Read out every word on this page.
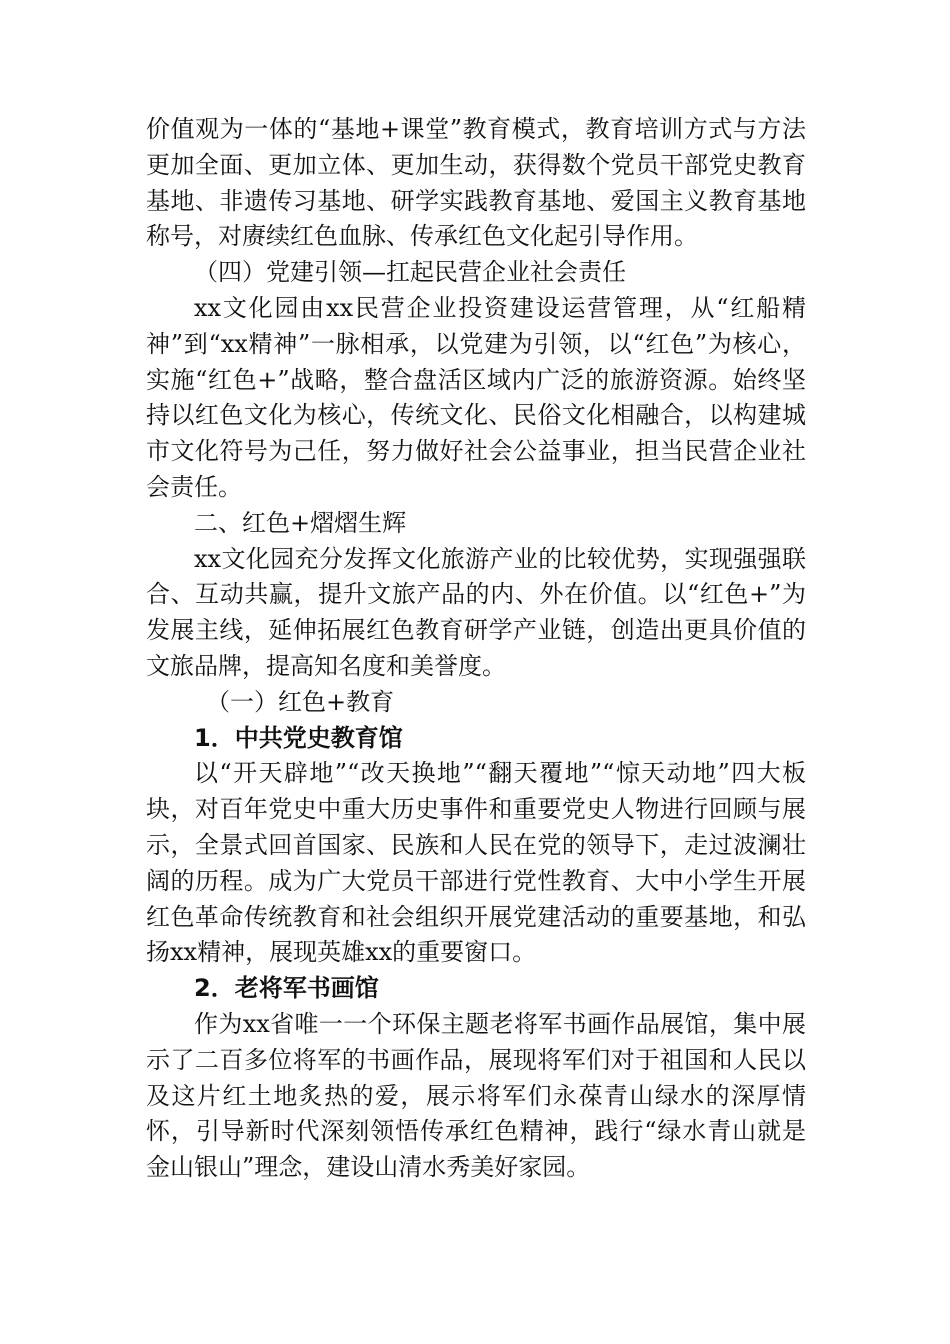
价值观为一体的“基地+课堂”教育模式，教育培训方式与方法更加全面、更加立体、更加生动，获得数个党员干部党史教育基地、非遗传习基地、研学实践教育基地、爱国主义教育基地称号，对赓续红色血脉、传承红色文化起引导作用。

（四）党建引领—扛起民营企业社会责任

xx文化园由xx民营企业投资建设运营管理，从“红船精神”到“xx精神”一脉相承，以党建为引领，以“红色”为核心，实施“红色+”战略，整合盘活区域内广泛的旅游资源。始终坚持以红色文化为核心，传统文化、民俗文化相融合，以构建城市文化符号为己任，努力做好社会公益事业，担当民营企业社会责任。

二、红色+熠熠生辉

xx文化园充分发挥文化旅游产业的比较优势，实现强强联合、互动共赢，提升文旅产品的内、外在价值。以“红色+”为发展主线，延伸拓展红色教育研学产业链，创造出更具价值的文旅品牌，提高知名度和美誉度。

（一）红色+教育

1．中共党史教育馆

以“开天辟地”“改天换地”“翻天覆地”“惊天动地”四大板块，对百年党史中重大历史事件和重要党史人物进行回顾与展示，全景式回首国家、民族和人民在党的领导下，走过波澜壮阔的历程。成为广大党员干部进行党性教育、大中小学生开展红色革命传统教育和社会组织开展党建活动的重要基地，和弘扬xx精神，展现英雄xx的重要窗口。

2．老将军书画馆

作为xx省唯一一个环保主题老将军书画作品展馆，集中展示了二百多位将军的书画作品，展现将军们对于祖国和人民以及这片红土地炙热的爱，展示将军们永葆青山绿水的深厚情怀，引导新时代深刻领悟传承红色精神，践行“绿水青山就是金山银山”理念，建设山清水秀美好家园。
